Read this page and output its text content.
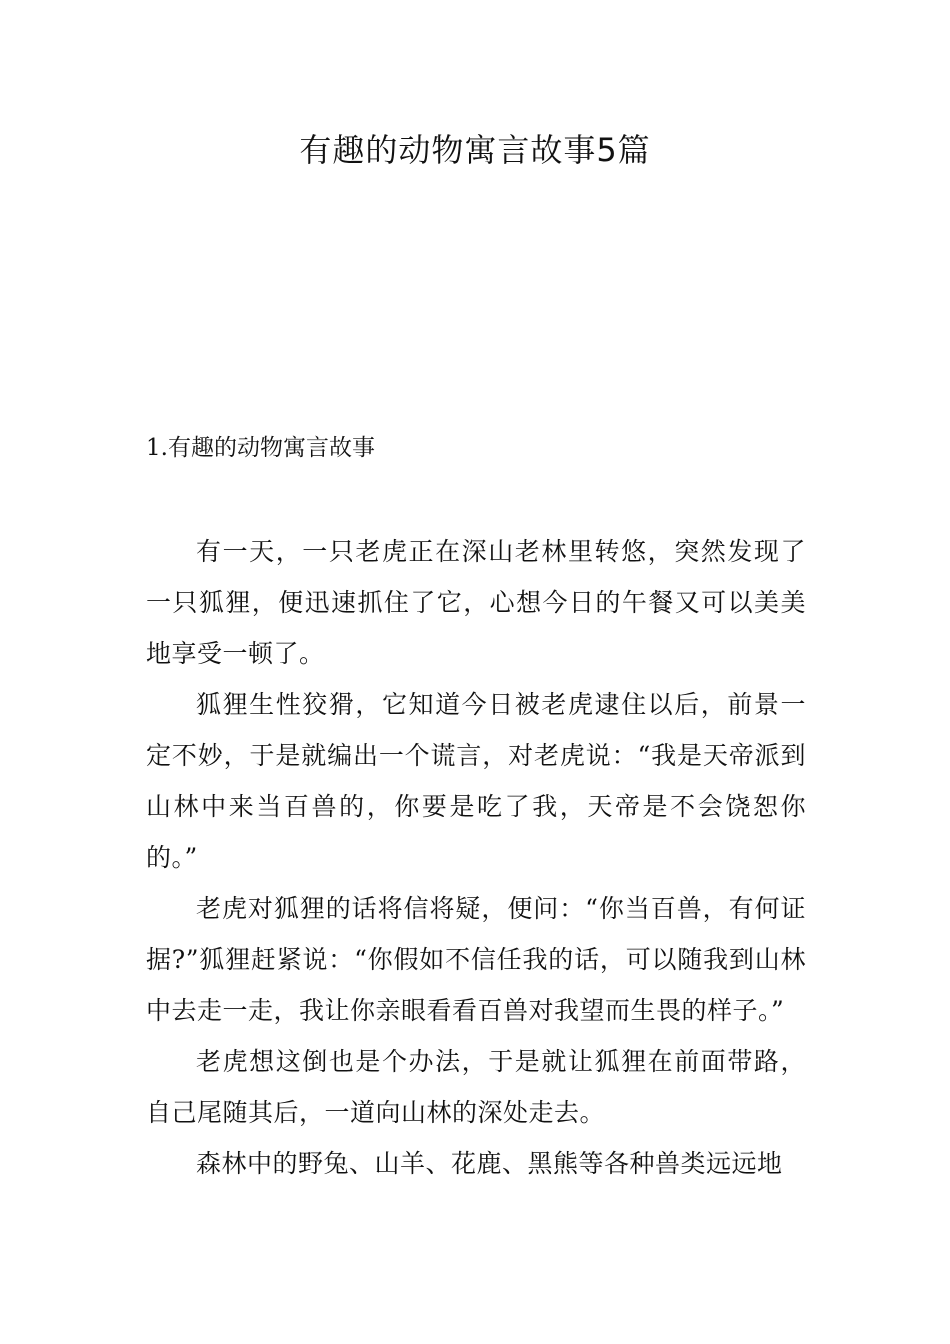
有趣的动物寓言故事5篇
1.有趣的动物寓言故事

有一天，一只老虎正在深山老林里转悠，突然发现了一只狐狸，便迅速抓住了它，心想今日的午餐又可以美美地享受一顿了。

狐狸生性狡猾，它知道今日被老虎逮住以后，前景一定不妙，于是就编出一个谎言，对老虎说：“我是天帝派到山林中来当百兽的，你要是吃了我，天帝是不会饶恕你的。”

老虎对狐狸的话将信将疑，便问：“你当百兽，有何证据?”狐狸赶紧说：“你假如不信任我的话，可以随我到山林中去走一走，我让你亲眼看看百兽对我望而生畏的样子。”

老虎想这倒也是个办法，于是就让狐狸在前面带路，自己尾随其后，一道向山林的深处走去。

森林中的野兔、山羊、花鹿、黑熊等各种兽类远远地
